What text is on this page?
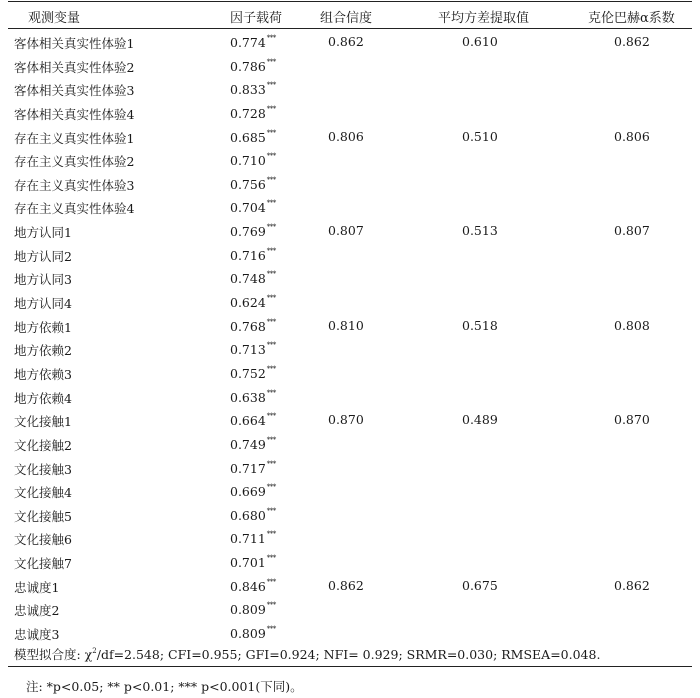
观测变量	因子载荷	组合信度	平均方差提取值	克伦巴赫α系数
客体相关真实性体验1	0.774***	0.862	0.610	0.862
客体相关真实性体验2	0.786***
客体相关真实性体验3	0.833***
客体相关真实性体验4	0.728***
存在主义真实性体验1	0.685***	0.806	0.510	0.806
存在主义真实性体验2	0.710***
存在主义真实性体验3	0.756***
存在主义真实性体验4	0.704***
地方认同1	0.769***	0.807	0.513	0.807
地方认同2	0.716***
地方认同3	0.748***
地方认同4	0.624***
地方依赖1	0.768***	0.810	0.518	0.808
地方依赖2	0.713***
地方依赖3	0.752***
地方依赖4	0.638***
文化接触1	0.664***	0.870	0.489	0.870
文化接触2	0.749***
文化接触3	0.717***
文化接触4	0.669***
文化接触5	0.680***
文化接触6	0.711***
文化接触7	0.701***
忠诚度1	0.846***	0.862	0.675	0.862
忠诚度2	0.809***
忠诚度3	0.809***
模型拟合度: $\chi^2/df=2.548$; CFI=0.955; GFI=0.924; NFI= 0.929; SRMR=0.030; RMSEA=0.048.
注: *p<0.05; ** p<0.01; *** p<0.001(下同)。
